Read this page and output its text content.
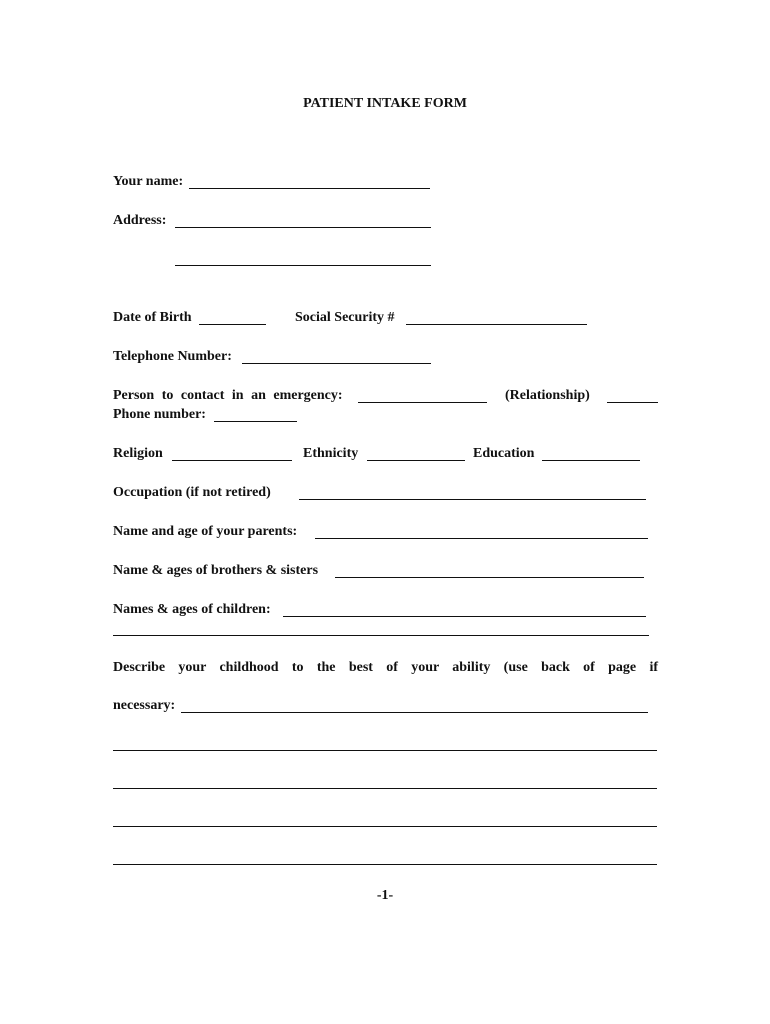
PATIENT INTAKE FORM
Your name:
Address:
Date of Birth	Social Security #
Telephone Number:
Person to contact in an emergency:	(Relationship)
Phone number:
Religion	Ethnicity	Education
Occupation (if not retired)
Name and age of your parents:
Name & ages of brothers & sisters
Names & ages of children:
Describe your childhood to the best of your ability (use back of page if
necessary:
-1-
